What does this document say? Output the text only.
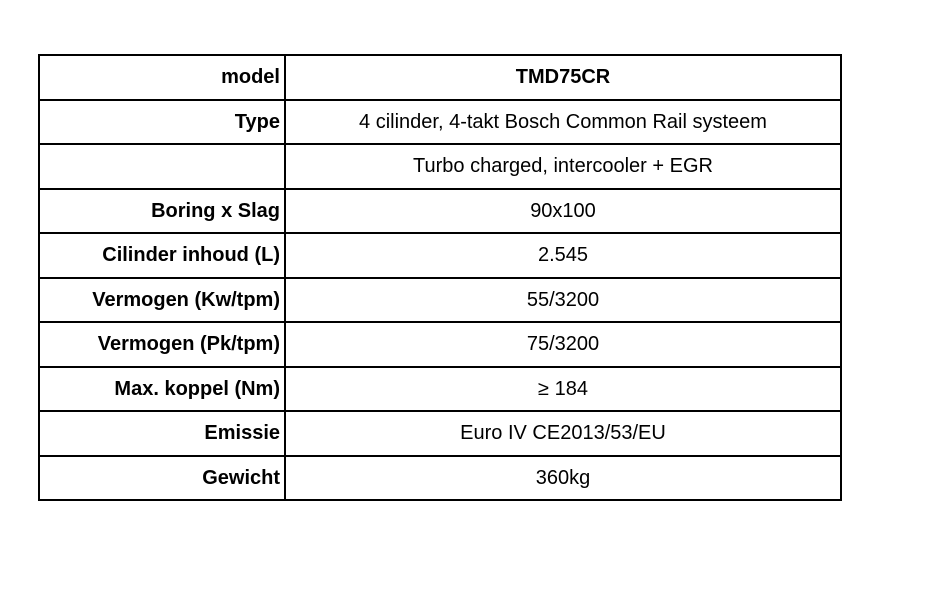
model	TMD75CR
Type	4 cilinder, 4-takt Bosch Common Rail systeem
	Turbo charged, intercooler + EGR
Boring x Slag	90x100
Cilinder inhoud (L)	2.545
Vermogen (Kw/tpm)	55/3200
Vermogen (Pk/tpm)	75/3200
Max. koppel (Nm)	≥ 184
Emissie	Euro IV CE2013/53/EU
Gewicht	360kg
